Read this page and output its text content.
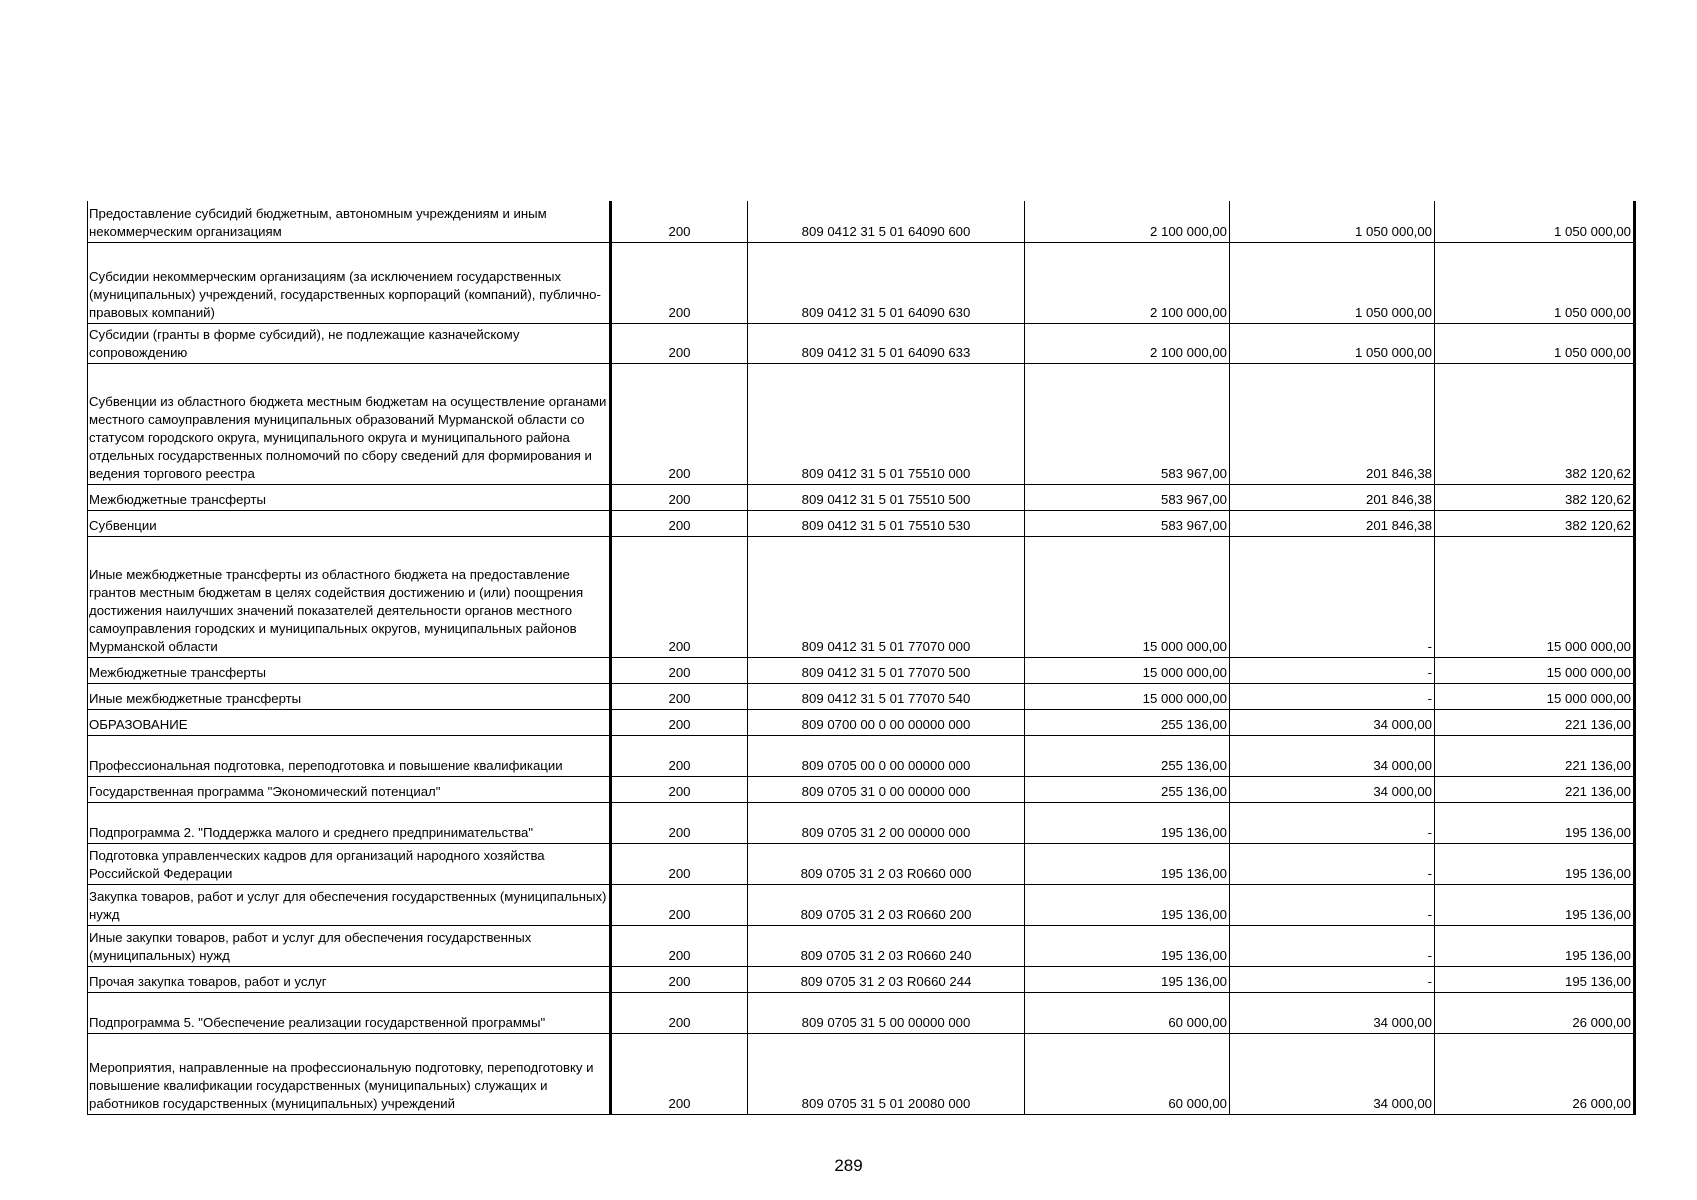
Предоставление субсидий бюджетным, автономным учреждениям и иным некоммерческим организациям	200	809 0412 31 5 01 64090 600	2 100 000,00	1 050 000,00	1 050 000,00
Субсидии некоммерческим организациям (за исключением государственных (муниципальных) учреждений, государственных корпораций (компаний), публично-правовых компаний)	200	809 0412 31 5 01 64090 630	2 100 000,00	1 050 000,00	1 050 000,00
Субсидии (гранты в форме субсидий), не подлежащие казначейскому сопровождению	200	809 0412 31 5 01 64090 633	2 100 000,00	1 050 000,00	1 050 000,00
Субвенции из областного бюджета местным бюджетам на осуществление органами местного самоуправления муниципальных образований Мурманской области со статусом городского округа, муниципального округа и муниципального района отдельных государственных полномочий по сбору сведений для формирования и ведения торгового реестра	200	809 0412 31 5 01 75510 000	583 967,00	201 846,38	382 120,62
Межбюджетные трансферты	200	809 0412 31 5 01 75510 500	583 967,00	201 846,38	382 120,62
Субвенции	200	809 0412 31 5 01 75510 530	583 967,00	201 846,38	382 120,62
Иные межбюджетные трансферты из областного бюджета на предоставление грантов местным бюджетам в целях содействия достижению и (или) поощрения достижения наилучших значений показателей деятельности органов местного самоуправления городских и муниципальных округов, муниципальных районов Мурманской области	200	809 0412 31 5 01 77070 000	15 000 000,00	-	15 000 000,00
Межбюджетные трансферты	200	809 0412 31 5 01 77070 500	15 000 000,00	-	15 000 000,00
Иные межбюджетные трансферты	200	809 0412 31 5 01 77070 540	15 000 000,00	-	15 000 000,00
ОБРАЗОВАНИЕ	200	809 0700 00 0 00 00000 000	255 136,00	34 000,00	221 136,00
Профессиональная подготовка, переподготовка и повышение квалификации	200	809 0705 00 0 00 00000 000	255 136,00	34 000,00	221 136,00
Государственная программа "Экономический потенциал"	200	809 0705 31 0 00 00000 000	255 136,00	34 000,00	221 136,00
Подпрограмма 2. "Поддержка малого и среднего предпринимательства"	200	809 0705 31 2 00 00000 000	195 136,00	-	195 136,00
Подготовка управленческих кадров для организаций народного хозяйства Российской Федерации	200	809 0705 31 2 03 R0660 000	195 136,00	-	195 136,00
Закупка товаров, работ и услуг для обеспечения государственных (муниципальных) нужд	200	809 0705 31 2 03 R0660 200	195 136,00	-	195 136,00
Иные закупки товаров, работ и услуг для обеспечения государственных (муниципальных) нужд	200	809 0705 31 2 03 R0660 240	195 136,00	-	195 136,00
Прочая закупка товаров, работ и услуг	200	809 0705 31 2 03 R0660 244	195 136,00	-	195 136,00
Подпрограмма 5. "Обеспечение реализации государственной программы"	200	809 0705 31 5 00 00000 000	60 000,00	34 000,00	26 000,00
Мероприятия, направленные на профессиональную подготовку, переподготовку и повышение квалификации государственных (муниципальных) служащих и работников государственных (муниципальных) учреждений	200	809 0705 31 5 01 20080 000	60 000,00	34 000,00	26 000,00
289
